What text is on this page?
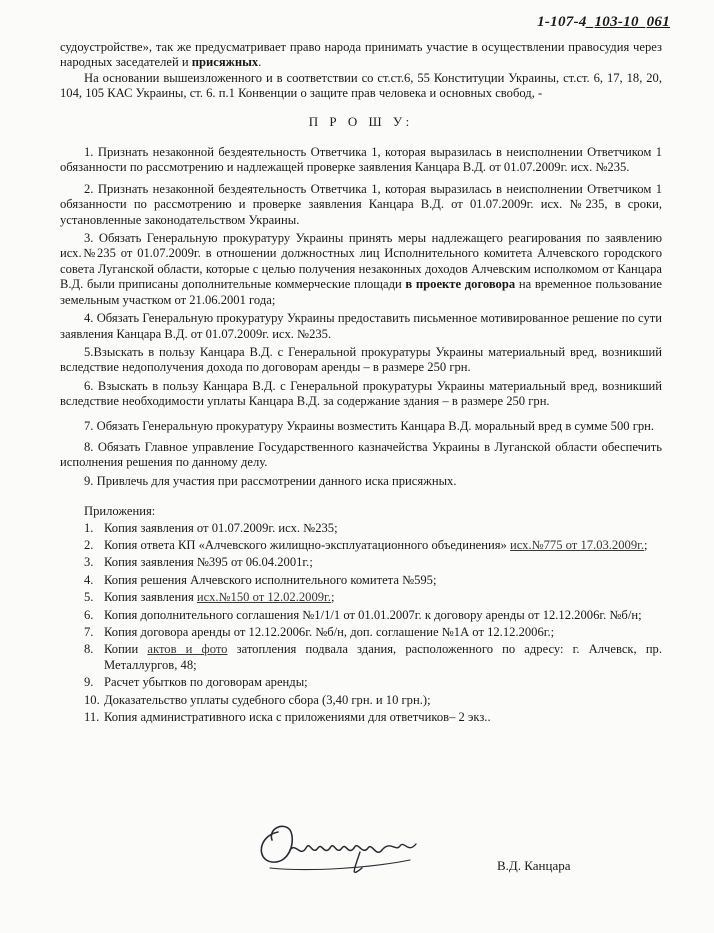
1-107-4_103-10_061

судоустройстве», так же предусматривает право народа принимать участие в осуществлении правосудия через народных заседателей и присяжных.

На основании вышеизложенного и в соответствии со ст.ст.6, 55 Конституции Украины, ст.ст. 6, 17, 18, 20, 104, 105 КАС Украины, ст. 6. п.1 Конвенции о защите прав человека и основных свобод, -

П Р О Ш У:

1. Признать незаконной бездеятельность Ответчика 1, которая выразилась в неисполнении Ответчиком 1 обязанности по рассмотрению и надлежащей проверке заявления Канцара В.Д. от 01.07.2009г. исх. №235.

2. Признать незаконной бездеятельность Ответчика 1, которая выразилась в неисполнении Ответчиком 1 обязанности по рассмотрению и проверке заявления Канцара В.Д. от 01.07.2009г. исх. №235, в сроки, установленные законодательством Украины.

3. Обязать Генеральную прокуратуру Украины принять меры надлежащего реагирования по заявлению исх.№235 от 01.07.2009г. в отношении должностных лиц Исполнительного комитета Алчевского городского совета Луганской области, которые с целью получения незаконных доходов Алчевским исполкомом от Канцара В.Д. были приписаны дополнительные коммерческие площади в проекте договора на временное пользование земельным участком от 21.06.2001 года;

4. Обязать Генеральную прокуратуру Украины предоставить письменное мотивированное решение по сути заявления Канцара В.Д. от 01.07.2009г. исх. №235.

5.Взыскать в пользу Канцара В.Д. с Генеральной прокуратуры Украины материальный вред, возникший вследствие недополучения дохода по договорам аренды – в размере 250 грн.

6. Взыскать в пользу Канцара В.Д. с Генеральной прокуратуры Украины материальный вред, возникший вследствие необходимости уплаты Канцара В.Д. за содержание здания – в размере 250 грн.

7. Обязать Генеральную прокуратуру Украины возместить Канцара В.Д. моральный вред в сумме 500 грн.

8. Обязать Главное управление Государственного казначейства Украины в Луганской области обеспечить исполнения решения по данному делу.

9. Привлечь для участия при рассмотрении данного иска присяжных.

Приложения:
1. Копия заявления от 01.07.2009г. исх. №235;
2. Копия ответа КП «Алчевского жилищно-эксплуатационного объединения» исх.№775 от 17.03.2009г.;
3. Копия заявления №395 от 06.04.2001г.;
4. Копия решения Алчевского исполнительного комитета №595;
5. Копия заявления исх.№150 от 12.02.2009г.;
6. Копия дополнительного соглашения №1/1/1 от 01.01.2007г. к договору аренды от 12.12.2006г. №б/н;
7. Копия договора аренды от 12.12.2006г. №б/н, доп. соглашение №1А от 12.12.2006г.;
8. Копии актов и фото затопления подвала здания, расположенного по адресу: г. Алчевск, пр. Металлургов, 48;
9. Расчет убытков по договорам аренды;
10. Доказательство уплаты судебного сбора (3,40 грн. и 10 грн.);
11. Копия административного иска с приложениями для ответчиков– 2 экз..
В.Д. Канцара
